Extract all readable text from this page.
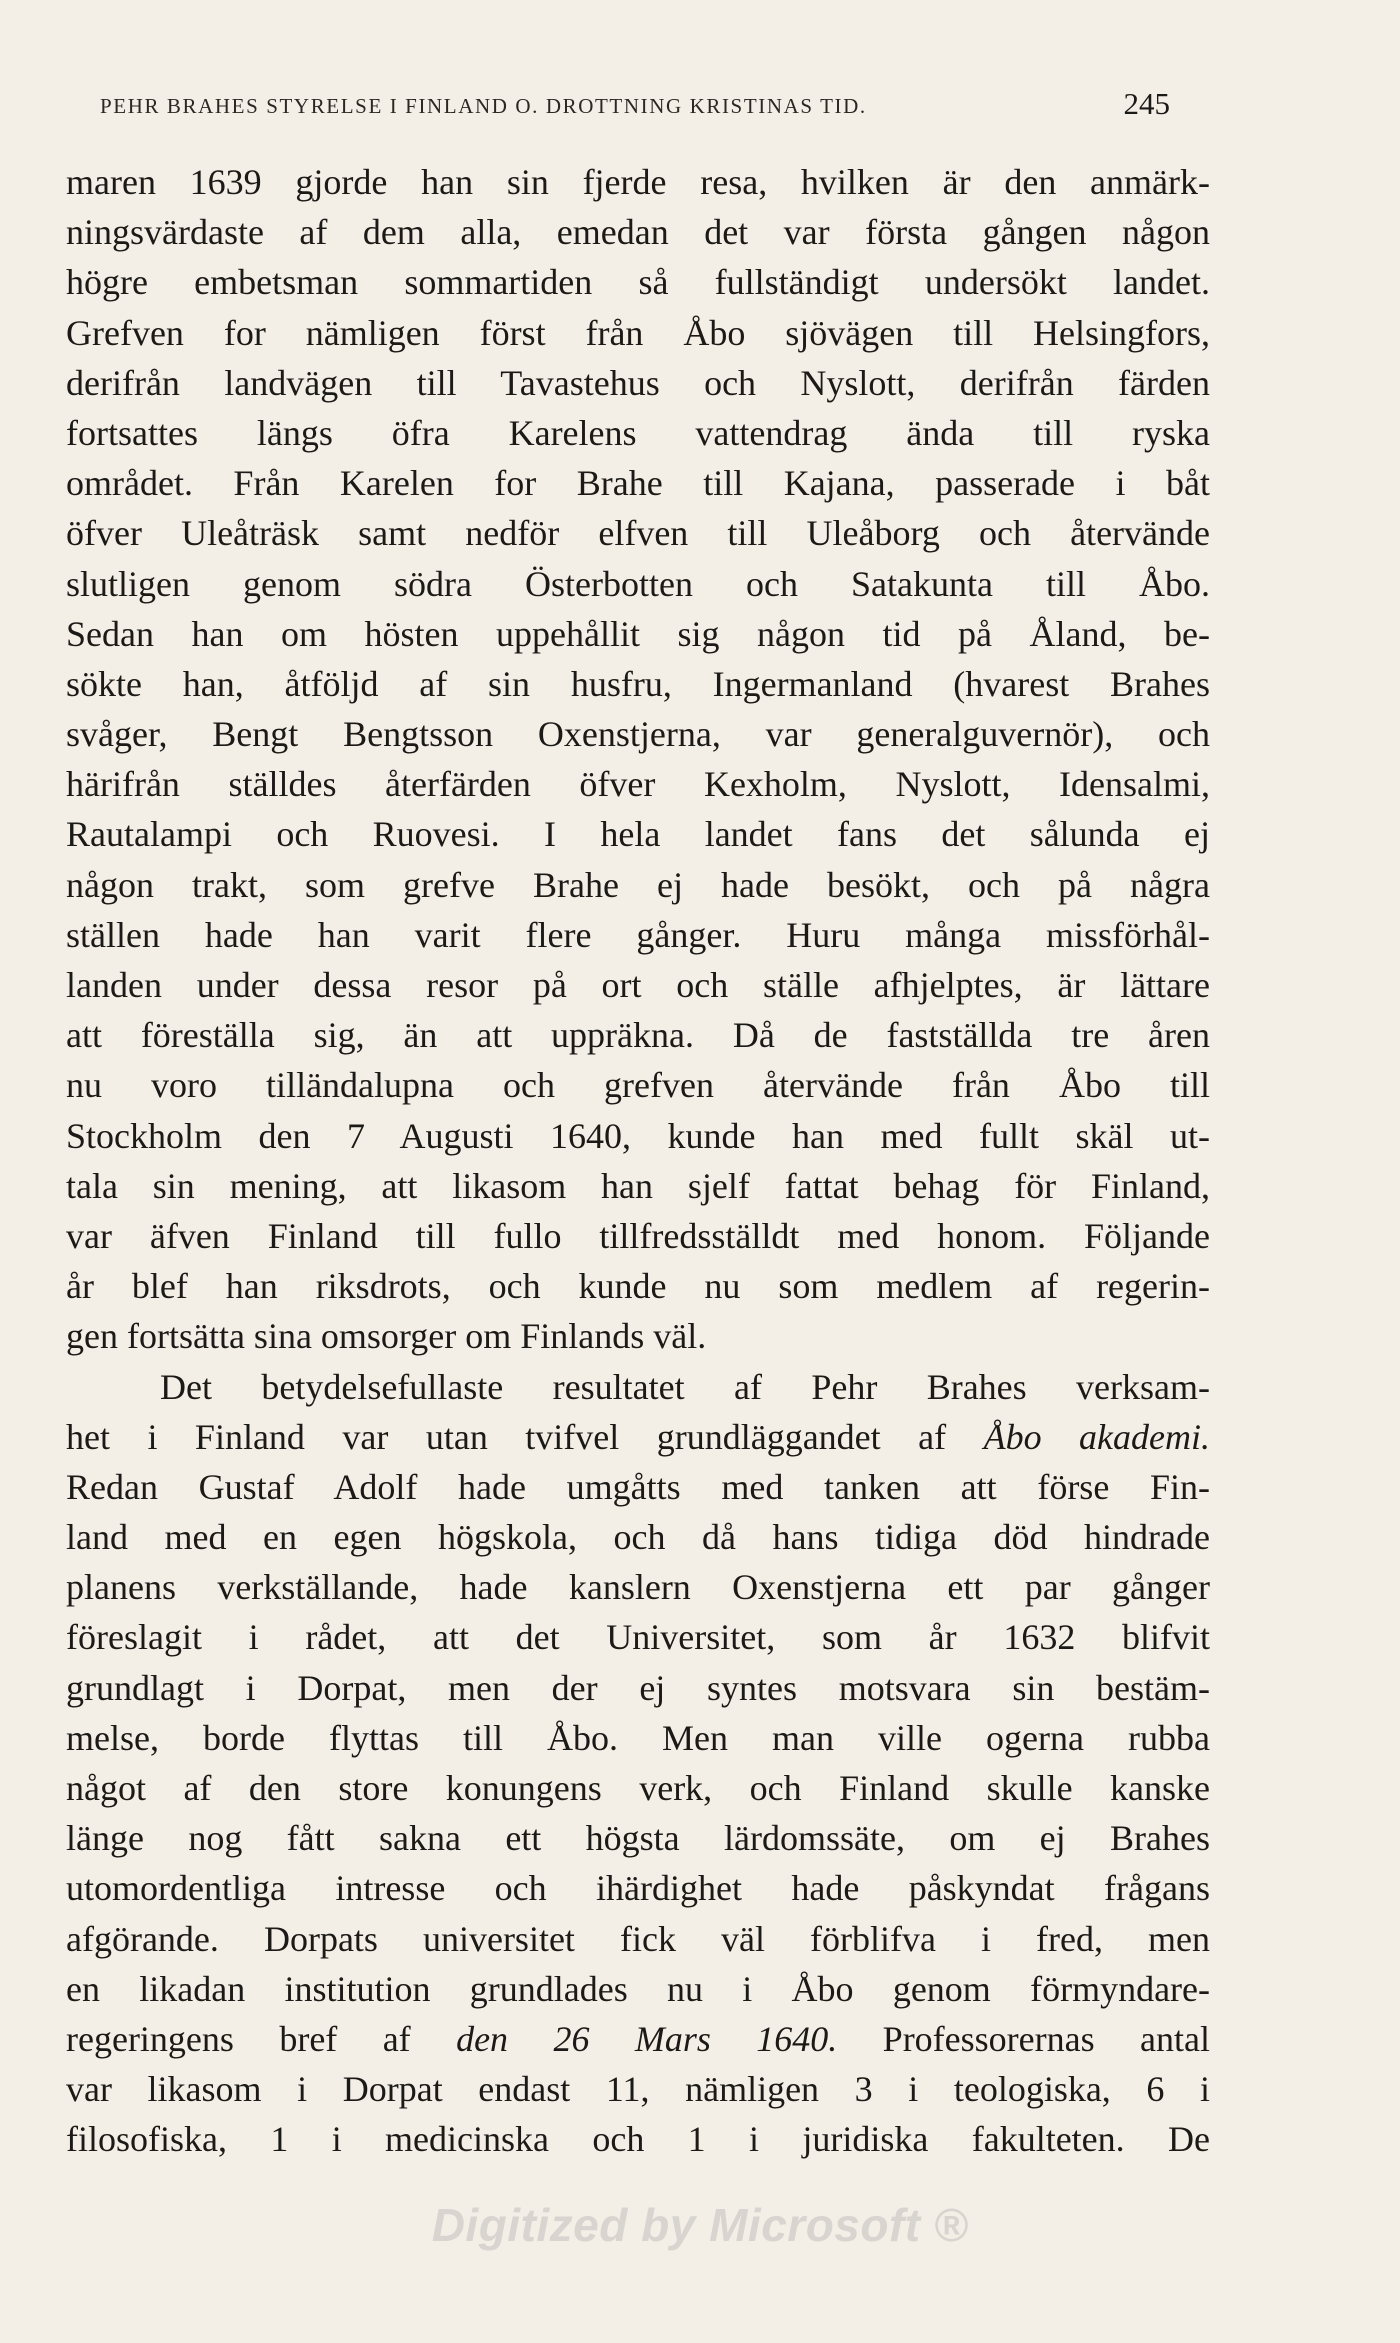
PEHR BRAHES STYRELSE I FINLAND O. DROTTNING KRISTINAS TID.	245
maren 1639 gjorde han sin fjerde resa, hvilken är den anmärk-
ningsvärdaste af dem alla, emedan det var första gången någon
högre embetsman sommartiden så fullständigt undersökt landet.
Grefven for nämligen först från Åbo sjövägen till Helsingfors,
derifrån landvägen till Tavastehus och Nyslott, derifrån färden
fortsattes längs öfra Karelens vattendrag ända till ryska
området. Från Karelen for Brahe till Kajana, passerade i båt
öfver Uleåträsk samt nedför elfven till Uleåborg och återvände
slutligen genom södra Österbotten och Satakunta till Åbo.
Sedan han om hösten uppehållit sig någon tid på Åland, be-
sökte han, åtföljd af sin husfru, Ingermanland (hvarest Brahes
svåger, Bengt Bengtsson Oxenstjerna, var generalguvernör), och
härifrån ställdes återfärden öfver Kexholm, Nyslott, Idensalmi,
Rautalampi och Ruovesi. I hela landet fans det sålunda ej
någon trakt, som grefve Brahe ej hade besökt, och på några
ställen hade han varit flere gånger. Huru många missförhål-
landen under dessa resor på ort och ställe afhjelptes, är lättare
att föreställa sig, än att uppräkna. Då de fastställda tre åren
nu voro tilländalupna och grefven återvände från Åbo till
Stockholm den 7 Augusti 1640, kunde han med fullt skäl ut-
tala sin mening, att likasom han sjelf fattat behag för Finland,
var äfven Finland till fullo tillfredsställdt med honom. Följande
år blef han riksdrots, och kunde nu som medlem af regerin-
gen fortsätta sina omsorger om Finlands väl.
Det betydelsefullaste resultatet af Pehr Brahes verksam-
het i Finland var utan tvifvel grundläggandet af Åbo akademi.
Redan Gustaf Adolf hade umgåtts med tanken att förse Fin-
land med en egen högskola, och då hans tidiga död hindrade
planens verkställande, hade kanslern Oxenstjerna ett par gånger
föreslagit i rådet, att det Universitet, som år 1632 blifvit
grundlagt i Dorpat, men der ej syntes motsvara sin bestäm-
melse, borde flyttas till Åbo. Men man ville ogerna rubba
något af den store konungens verk, och Finland skulle kanske
länge nog fått sakna ett högsta lärdomssäte, om ej Brahes
utomordentliga intresse och ihärdighet hade påskyndat frågans
afgörande. Dorpats universitet fick väl förblifva i fred, men
en likadan institution grundlades nu i Åbo genom förmyndare-
regeringens bref af den 26 Mars 1640. Professorernas antal
var likasom i Dorpat endast 11, nämligen 3 i teologiska, 6 i
filosofiska, 1 i medicinska och 1 i juridiska fakulteten. De
Digitized by Microsoft ®
